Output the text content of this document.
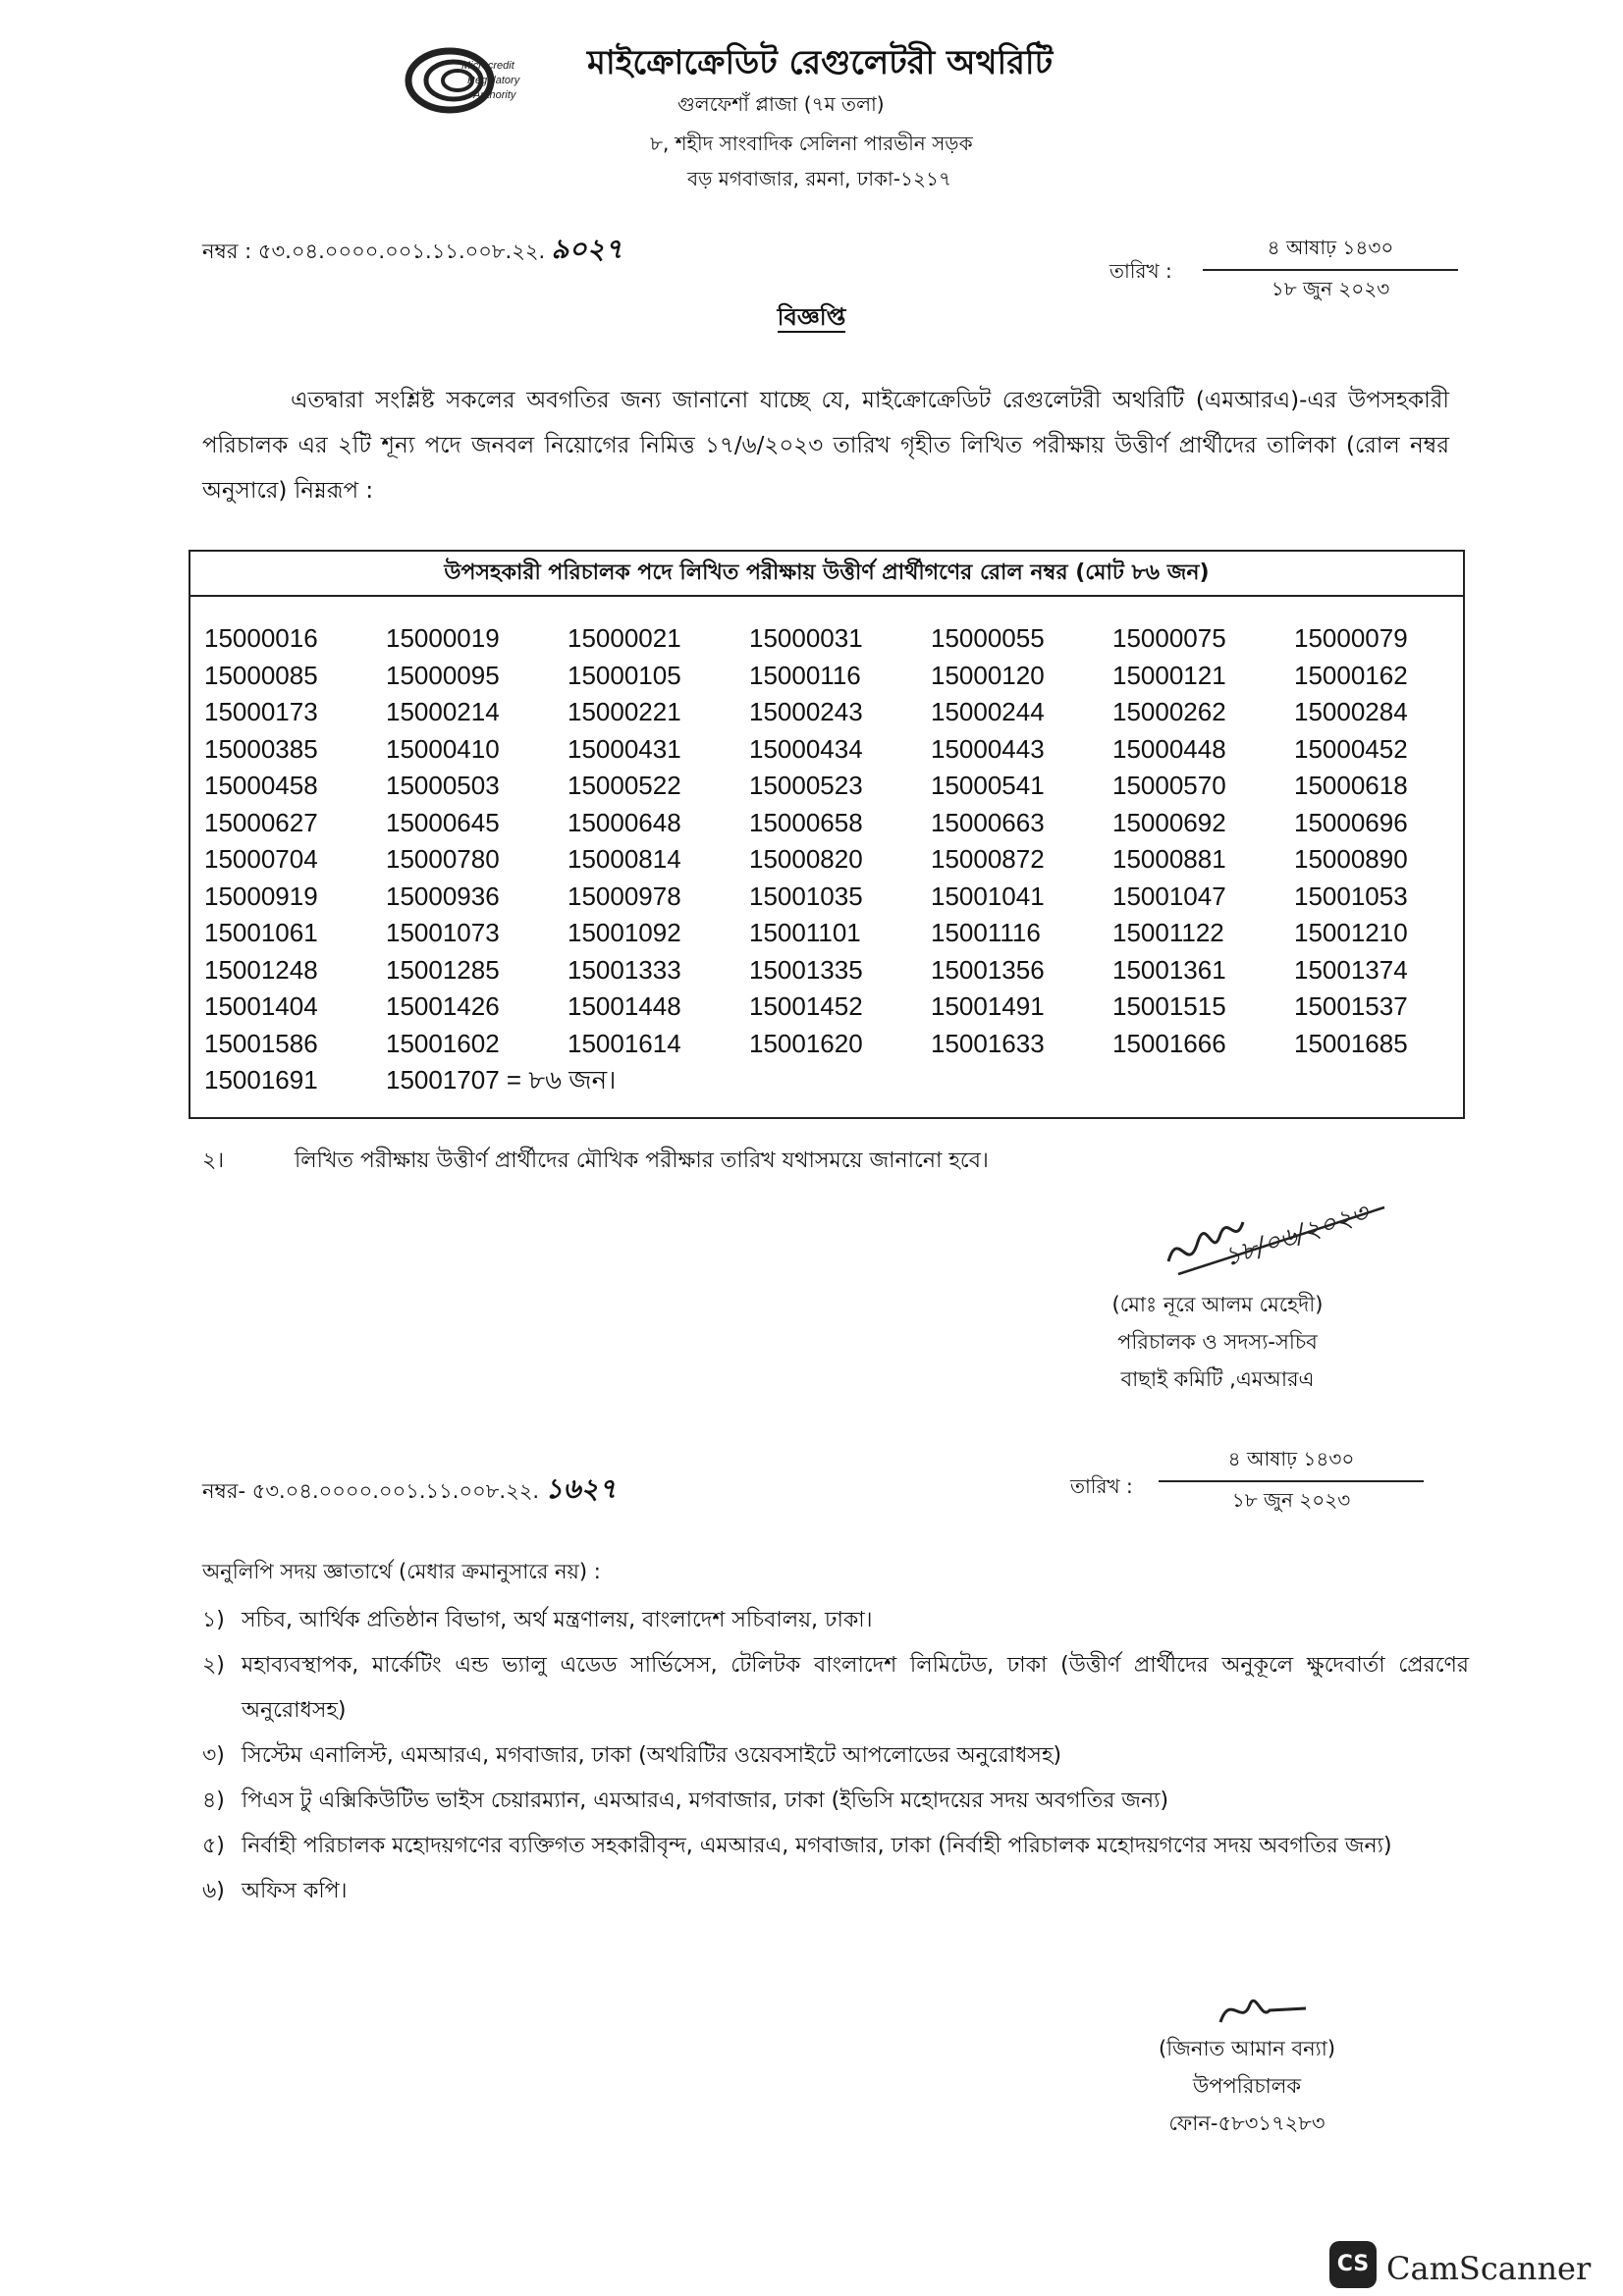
Microcredit
Regulatory
Authority
মাইক্রোক্রেডিট রেগুলেটরী অথরিটি
গুলফেশাঁ প্লাজা (৭ম তলা)
৮, শহীদ সাংবাদিক সেলিনা পারভীন সড়ক
বড় মগবাজার, রমনা, ঢাকা-১২১৭
নম্বর : ৫৩.০৪.০০০০.০০১.১১.০০৮.২২. ৯০২৭
তারিখ :
৪ আষাঢ় ১৪৩০
১৮ জুন ২০২৩
বিজ্ঞপ্তি
এতদ্বারা সংশ্লিষ্ট সকলের অবগতির জন্য জানানো যাচ্ছে যে, মাইক্রোক্রেডিট রেগুলেটরী অথরিটি (এমআরএ)-এর উপসহকারী পরিচালক এর ২টি শূন্য পদে জনবল নিয়োগের নিমিত্ত ১৭/৬/২০২৩ তারিখ গৃহীত লিখিত পরীক্ষায় উত্তীর্ণ প্রার্থীদের তালিকা (রোল নম্বর অনুসারে) নিম্নরূপ :
উপসহকারী পরিচালক পদে লিখিত পরীক্ষায় উত্তীর্ণ প্রার্থীগণের রোল নম্বর (মোট ৮৬ জন)
15000016	15000019	15000021	15000031	15000055	15000075	15000079
15000085	15000095	15000105	15000116	15000120	15000121	15000162
15000173	15000214	15000221	15000243	15000244	15000262	15000284
15000385	15000410	15000431	15000434	15000443	15000448	15000452
15000458	15000503	15000522	15000523	15000541	15000570	15000618
15000627	15000645	15000648	15000658	15000663	15000692	15000696
15000704	15000780	15000814	15000820	15000872	15000881	15000890
15000919	15000936	15000978	15001035	15001041	15001047	15001053
15001061	15001073	15001092	15001101	15001116	15001122	15001210
15001248	15001285	15001333	15001335	15001356	15001361	15001374
15001404	15001426	15001448	15001452	15001491	15001515	15001537
15001586	15001602	15001614	15001620	15001633	15001666	15001685
15001691	15001707 = ৮৬ জন।
২।	লিখিত পরীক্ষায় উত্তীর্ণ প্রার্থীদের মৌখিক পরীক্ষার তারিখ যথাসময়ে জানানো হবে।
১৮/০৬/২০২৩
(মোঃ নূরে আলম মেহেদী)
পরিচালক ও সদস্য-সচিব
বাছাই কমিটি ,এমআরএ
নম্বর- ৫৩.০৪.০০০০.০০১.১১.০০৮.২২. ১৬২৭	তারিখ :
৪ আষাঢ় ১৪৩০
১৮ জুন ২০২৩
অনুলিপি সদয় জ্ঞাতার্থে (মেধার ক্রমানুসারে নয়) :
১) সচিব, আর্থিক প্রতিষ্ঠান বিভাগ, অর্থ মন্ত্রণালয়, বাংলাদেশ সচিবালয়, ঢাকা।
২) মহাব্যবস্থাপক, মার্কেটিং এন্ড ভ্যালু এডেড সার্ভিসেস, টেলিটক বাংলাদেশ লিমিটেড, ঢাকা (উত্তীর্ণ প্রার্থীদের অনুকূলে ক্ষুদেবার্তা প্রেরণের অনুরোধসহ)
৩) সিস্টেম এনালিস্ট, এমআরএ, মগবাজার, ঢাকা (অথরিটির ওয়েবসাইটে আপলোডের অনুরোধসহ)
৪) পিএস টু এক্সিকিউটিভ ভাইস চেয়ারম্যান, এমআরএ, মগবাজার, ঢাকা (ইভিসি মহোদয়ের সদয় অবগতির জন্য)
৫) নির্বাহী পরিচালক মহোদয়গণের ব্যক্তিগত সহকারীবৃন্দ, এমআরএ, মগবাজার, ঢাকা (নির্বাহী পরিচালক মহোদয়গণের সদয় অবগতির জন্য)
৬) অফিস কপি।
(জিনাত আমান বন্যা)
উপপরিচালক
ফোন-৫৮৩১৭২৮৩
CS CamScanner
